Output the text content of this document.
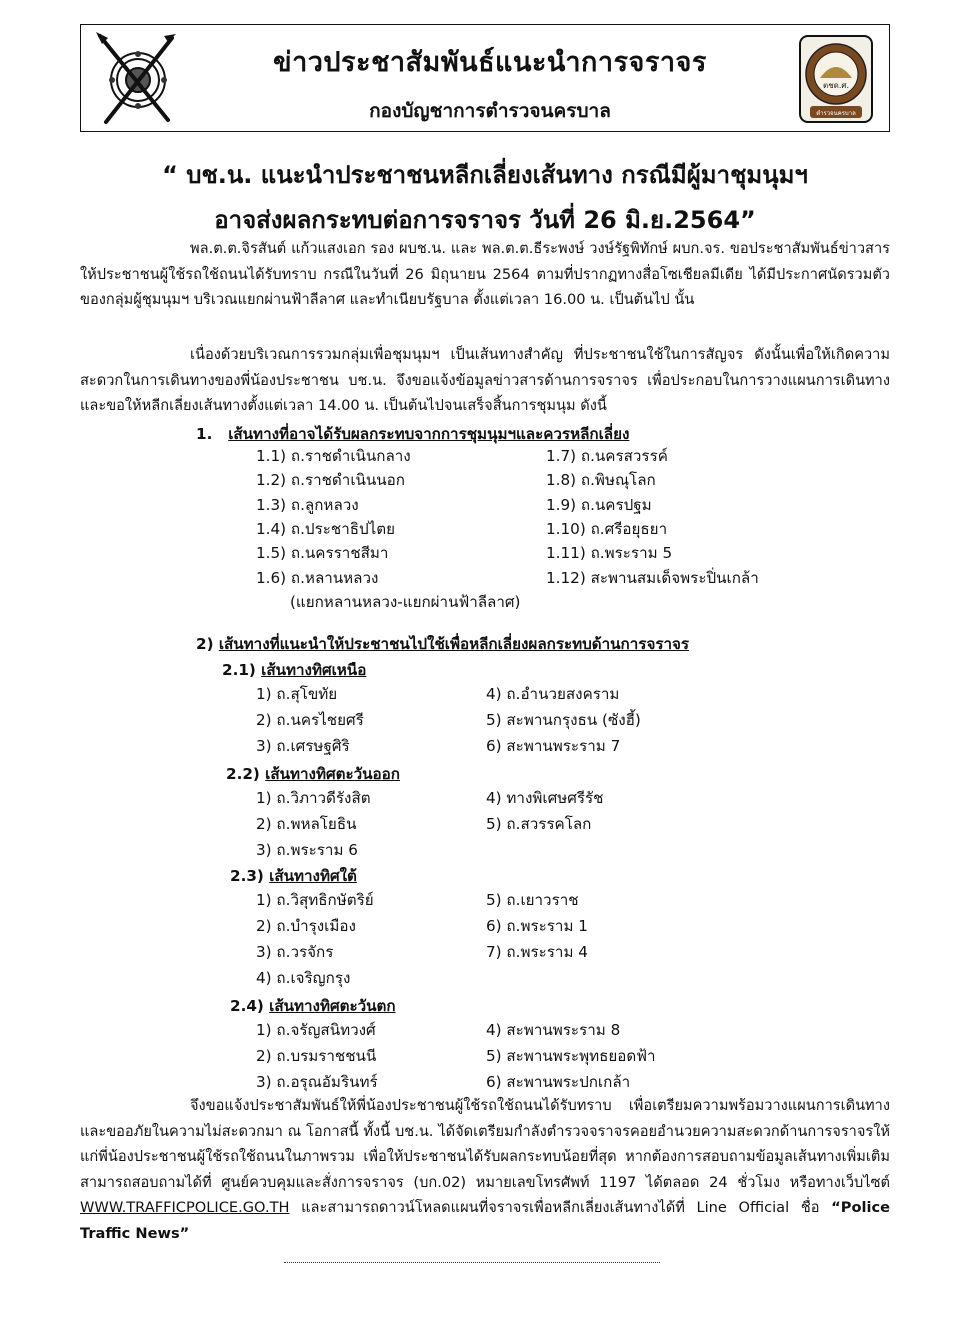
ข่าวประชาสัมพันธ์แนะนำการจราจร
กองบัญชาการตำรวจนครบาล
ตชด.ศ.
ตำรวจนครบาล
“ บช.น. แนะนำประชาชนหลีกเลี่ยงเส้นทาง กรณีมีผู้มาชุมนุมฯ
อาจส่งผลกระทบต่อการจราจร วันที่ 26 มิ.ย.2564”

พล.ต.ต.จิรสันต์ แก้วแสงเอก รอง ผบช.น. และ พล.ต.ต.ธีระพงษ์ วงษ์รัฐพิทักษ์ ผบก.จร. ขอประชาสัมพันธ์ข่าวสารให้ประชาชนผู้ใช้รถใช้ถนนได้รับทราบ กรณีในวันที่ 26 มิถุนายน 2564 ตามที่ปรากฏทางสื่อโซเชียลมีเดีย ได้มีประกาศนัดรวมตัวของกลุ่มผู้ชุมนุมฯ บริเวณแยกผ่านฟ้าลีลาศ และทำเนียบรัฐบาล ตั้งแต่เวลา 16.00 น. เป็นต้นไป นั้น

เนื่องด้วยบริเวณการรวมกลุ่มเพื่อชุมนุมฯ เป็นเส้นทางสำคัญ ที่ประชาชนใช้ในการสัญจร ดังนั้นเพื่อให้เกิดความสะดวกในการเดินทางของพี่น้องประชาชน บช.น. จึงขอแจ้งข้อมูลข่าวสารด้านการจราจร เพื่อประกอบในการวางแผนการเดินทาง และขอให้หลีกเลี่ยงเส้นทางตั้งแต่เวลา 14.00 น. เป็นต้นไปจนเสร็จสิ้นการชุมนุม ดังนี้

1. เส้นทางที่อาจได้รับผลกระทบจากการชุมนุมฯและควรหลีกเลี่ยง
(แยกหลานหลวง-แยกผ่านฟ้าลีลาศ)
2) เส้นทางที่แนะนำให้ประชาชนไปใช้เพื่อหลีกเลี่ยงผลกระทบด้านการจราจร
2.1) เส้นทางทิศเหนือ
2.2) เส้นทางทิศตะวันออก
2.3) เส้นทางทิศใต้
2.4) เส้นทางทิศตะวันตก

จึงขอแจ้งประชาสัมพันธ์ให้พี่น้องประชาชนผู้ใช้รถใช้ถนนได้รับทราบ เพื่อเตรียมความพร้อมวางแผนการเดินทาง และขออภัยในความไม่สะดวกมา ณ โอกาสนี้ ทั้งนี้ บช.น. ได้จัดเตรียมกำลังตำรวจจราจรคอยอำนวยความสะดวกด้านการจราจรให้แก่พี่น้องประชาชนผู้ใช้รถใช้ถนนในภาพรวม เพื่อให้ประชาชนได้รับผลกระทบน้อยที่สุด หากต้องการสอบถามข้อมูลเส้นทางเพิ่มเติม สามารถสอบถามได้ที่ ศูนย์ควบคุมและสั่งการจราจร (บก.02) หมายเลขโทรศัพท์ 1197 ได้ตลอด 24 ชั่วโมง หรือทางเว็บไซต์ WWW.TRAFFICPOLICE.GO.TH และสามารถดาวน์โหลดแผนที่จราจรเพื่อหลีกเลี่ยงเส้นทางได้ที่ Line Official ชื่อ “Police Traffic News”

1.1) ถ.ราชดำเนินกลาง
1.2) ถ.ราชดำเนินนอก
1.3) ถ.ลูกหลวง
1.4) ถ.ประชาธิปไตย
1.5) ถ.นครราชสีมา
1.6) ถ.หลานหลวง
1.7) ถ.นครสวรรค์
1.8) ถ.พิษณุโลก
1.9) ถ.นครปฐม
1.10) ถ.ศรีอยุธยา
1.11) ถ.พระราม 5
1.12) สะพานสมเด็จพระปิ่นเกล้า
1) ถ.สุโขทัย
2) ถ.นครไชยศรี
3) ถ.เศรษฐศิริ
4) ถ.อำนวยสงคราม
5) สะพานกรุงธน (ซังฮี้)
6) สะพานพระราม 7
1) ถ.วิภาวดีรังสิต
2) ถ.พหลโยธิน
3) ถ.พระราม 6
4) ทางพิเศษศรีรัช
5) ถ.สวรรคโลก
1) ถ.วิสุทธิกษัตริย์
2) ถ.บำรุงเมือง
3) ถ.วรจักร
4) ถ.เจริญกรุง
5) ถ.เยาวราช
6) ถ.พระราม 1
7) ถ.พระราม 4
1) ถ.จรัญสนิทวงศ์
2) ถ.บรมราชชนนี
3) ถ.อรุณอัมรินทร์
4) สะพานพระราม 8
5) สะพานพระพุทธยอดฟ้า
6) สะพานพระปกเกล้า
